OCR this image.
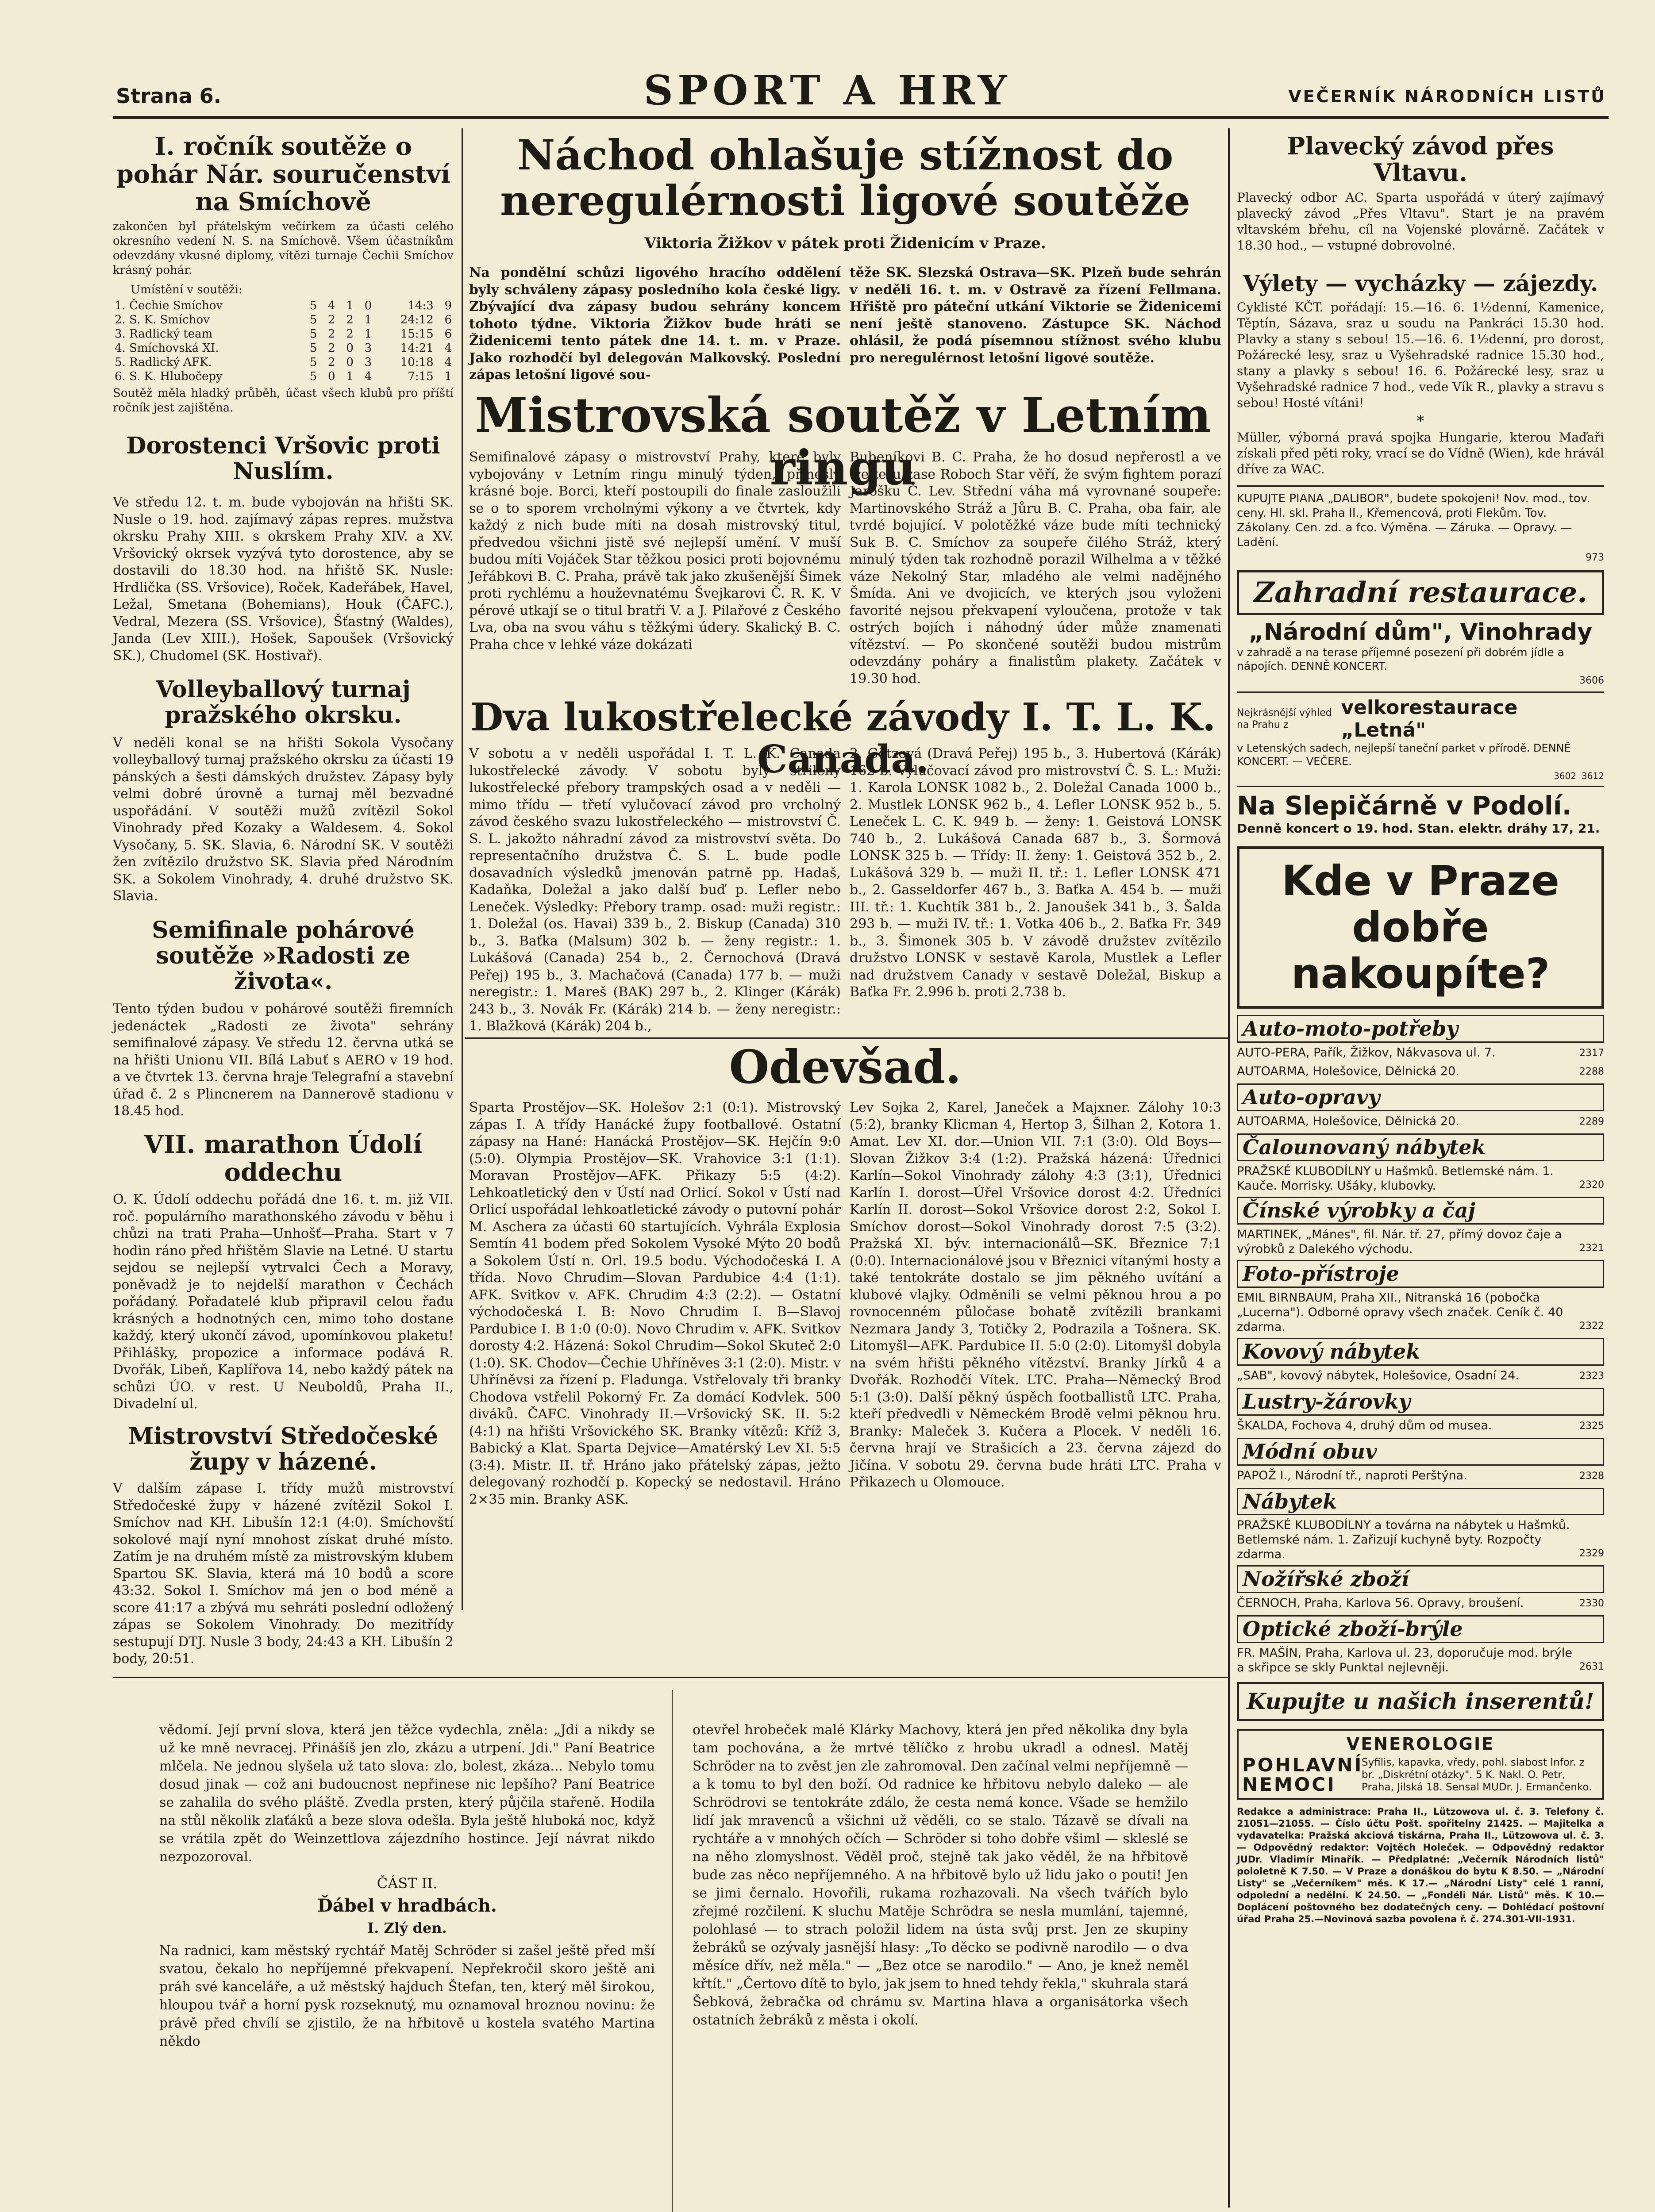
Strana 6.	SPORT A HRY	VEČERNÍK NÁRODNÍCH LISTŮ
I. ročník soutěže o pohár Nár. souručenství na Smíchově
zakončen byl přátelským večírkem za účasti celého okresního vedení N. S. na Smíchově. Všem účastníkům odevzdány vkusné diplomy, vítězi turnaje Čechii Smíchov krásný pohár.
Umístění v soutěži:
1. Čechie Smíchov	5	4	1	0	14:3	9
2. S. K. Smíchov	5	2	2	1	24:12	6
3. Radlický team	5	2	2	1	15:15	6
4. Smíchovská XI.	5	2	0	3	14:21	4
5. Radlický AFK.	5	2	0	3	10:18	4
6. S. K. Hlubočepy	5	0	1	4	7:15	1
Soutěž měla hladký průběh, účast všech klubů pro příští ročník jest zajištěna.
Dorostenci Vršovic proti Nuslím.
Ve středu 12. t. m. bude vybojován na hřišti SK. Nusle o 19. hod. zajímavý zápas repres. mužstva okrsku Prahy XIII. s okrskem Prahy XIV. a XV. Vršovický okrsek vyzývá tyto dorostence, aby se dostavili do 18.30 hod. na hřiště SK. Nusle: Hrdlička (SS. Vršovice), Roček, Kadeřábek, Havel, Ležal, Smetana (Bohemians), Houk (ČAFC.), Vedral, Mezera (SS. Vršovice), Šťastný (Waldes), Janda (Lev XIII.), Hošek, Sapoušek (Vršovický SK.), Chudomel (SK. Hostivař).
Volleyballový turnaj pražského okrsku.
V neděli konal se na hřišti Sokola Vysočany volleyballový turnaj pražského okrsku za účasti 19 pánských a šesti dámských družstev. Zápasy byly velmi dobré úrovně a turnaj měl bezvadné uspořádání. V soutěži mužů zvítězil Sokol Vinohrady před Kozaky a Waldesem. 4. Sokol Vysočany, 5. SK. Slavia, 6. Národní SK. V soutěži žen zvítězilo družstvo SK. Slavia před Národním SK. a Sokolem Vinohrady, 4. druhé družstvo SK. Slavia.
Semifinale pohárové soutěže »Radosti ze života«.
Tento týden budou v pohárové soutěži firemních jedenáctek „Radosti ze života" sehrány semifinalové zápasy. Ve středu 12. června utká se na hřišti Unionu VII. Bílá Labuť s AERO v 19 hod. a ve čtvrtek 13. června hraje Telegrafní a stavební úřad č. 2 s Plincnerem na Dannerově stadionu v 18.45 hod.
VII. marathon Údolí oddechu
O. K. Údolí oddechu pořádá dne 16. t. m. již VII. roč. populárního marathonského závodu v běhu i chůzi na trati Praha—Unhošť—Praha. Start v 7 hodin ráno před hřištěm Slavie na Letné. U startu sejdou se nejlepší vytrvalci Čech a Moravy, poněvadž je to nejdelší marathon v Čechách pořádaný. Pořadatelé klub připravil celou řadu krásných a hodnotných cen, mimo toho dostane každý, který ukončí závod, upomínkovou plaketu! Přihlášky, propozice a informace podává R. Dvořák, Libeň, Kaplířova 14, nebo každý pátek na schůzi ÚO. v rest. U Neuboldů, Praha II., Divadelní ul.
Mistrovství Středočeské župy v házené.
V dalším zápase I. třídy mužů mistrovství Středočeské župy v házené zvítězil Sokol I. Smíchov nad KH. Libušín 12:1 (4:0). Smíchovští sokolové mají nyní mnohost získat druhé místo. Zatím je na druhém místě za mistrovským klubem Spartou SK. Slavia, která má 10 bodů a score 43:32. Sokol I. Smíchov má jen o bod méně a score 41:17 a zbývá mu sehráti poslední odložený zápas se Sokolem Vinohrady. Do mezitřídy sestupují DTJ. Nusle 3 body, 24:43 a KH. Libušín 2 body, 20:51.
Náchod ohlašuje stížnost do neregulérnosti ligové soutěže
Viktoria Žižkov v pátek proti Židenicím v Praze.
Na pondělní schůzi ligového hracího oddělení byly schváleny zápasy posledního kola české ligy. Zbývající dva zápasy budou sehrány koncem tohoto týdne. Viktoria Žižkov bude hráti se Židenicemi tento pátek dne 14. t. m. v Praze. Jako rozhodčí byl delegován Malkovský. Poslední zápas letošní ligové sou-
těže SK. Slezská Ostrava—SK. Plzeň bude sehrán v neděli 16. t. m. v Ostravě za řízení Fellmana. Hřiště pro páteční utkání Viktorie se Židenicemi není ještě stanoveno. Zástupce SK. Náchod ohlásil, že podá písemnou stížnost svého klubu pro neregulérnost letošní ligové soutěže.
Mistrovská soutěž v Letním ringu
Semifinalové zápasy o mistrovství Prahy, které byly vybojovány v Letním ringu minulý týden, přinesly krásné boje. Borci, kteří postoupili do finale zasloužili se o to sporem vrcholnými výkony a ve čtvrtek, kdy každý z nich bude míti na dosah mistrovský titul, předvedou všichni jistě své nejlepší umění. V muší budou míti Vojáček Star těžkou posici proti bojovnému Jeřábkovi B. C. Praha, právě tak jako zkušenější Šimek proti rychlému a houževnatému Švejkarovi Č. R. K. V pérové utkají se o titul bratři V. a J. Pilařové z Českého Lva, oba na svou váhu s těžkými údery. Skalický B. C. Praha chce v lehké váze dokázati
Bubeníkovi B. C. Praha, že ho dosud nepřerostl a ve welteru zase Roboch Star věří, že svým fightem porazí Jarošku Č. Lev. Střední váha má vyrovnané soupeře: Martinovského Stráž a Jůru B. C. Praha, oba fair, ale tvrdé bojující. V polotěžké váze bude míti technický Suk B. C. Smíchov za soupeře čilého Stráž, který minulý týden tak rozhodně porazil Wilhelma a v těžké váze Nekolný Star, mladého ale velmi nadějného Šmída. Ani ve dvojicích, ve kterých jsou vyloženi favorité nejsou překvapení vyloučena, protože v tak ostrých bojích i náhodný úder může znamenati vítězství. — Po skončené soutěži budou mistrům odevzdány poháry a finalistům plakety. Začátek v 19.30 hod.
Dva lukostřelecké závody I. T. L. K. Canada.
V sobotu a v neděli uspořádal I. T. L. K. Canada lukostřelecké závody. V sobotu byly střileny lukostřelecké přebory trampských osad a v neděli — mimo třídu — třetí vylučovací závod pro vrcholný závod českého svazu lukostřeleckého — mistrovství Č. S. L. jakožto náhradní závod za mistrovství světa. Do representačního družstva Č. S. L. bude podle dosavadních výsledků jmenován patrně pp. Hadaš, Kadaňka, Doležal a jako další buď p. Lefler nebo Leneček. Výsledky: Přebory tramp. osad: muži registr.: 1. Doležal (os. Havai) 339 b., 2. Biskup (Canada) 310 b., 3. Baťka (Malsum) 302 b. — ženy registr.: 1. Lukášová (Canada) 254 b., 2. Černochová (Dravá Peřej) 195 b., 3. Machačová (Canada) 177 b. — muži neregistr.: 1. Mareš (BAK) 297 b., 2. Klinger (Kárák) 243 b., 3. Novák Fr. (Kárák) 214 b. — ženy neregistr.: 1. Blažková (Kárák) 204 b.,
2. Götzová (Dravá Peřej) 195 b., 3. Hubertová (Kárák) 162 b. Vylučovací závod pro mistrovství Č. S. L.: Muži: 1. Karola LONSK 1082 b., 2. Doležal Canada 1000 b., 2. Mustlek LONSK 962 b., 4. Lefler LONSK 952 b., 5. Leneček L. C. K. 949 b. — ženy: 1. Geistová LONSK 740 b., 2. Lukášová Canada 687 b., 3. Šormová LONSK 325 b. — Třídy: II. ženy: 1. Geistová 352 b., 2. Lukášová 329 b. — muži II. tř.: 1. Lefler LONSK 471 b., 2. Gasseldorfer 467 b., 3. Baťka A. 454 b. — muži III. tř.: 1. Kuchtík 381 b., 2. Janoušek 341 b., 3. Šalda 293 b. — muži IV. tř.: 1. Votka 406 b., 2. Baťka Fr. 349 b., 3. Šimonek 305 b. V závodě družstev zvítězilo družstvo LONSK v sestavě Karola, Mustlek a Lefler nad družstvem Canady v sestavě Doležal, Biskup a Baťka Fr. 2.996 b. proti 2.738 b.
Odevšad.
Sparta Prostějov—SK. Holešov 2:1 (0:1). Mistrovský zápas I. A třídy Hanácké župy footballové. Ostatní zápasy na Hané: Hanácká Prostějov—SK. Hejčín 9:0 (5:0). Olympia Prostějov—SK. Vrahovice 3:1 (1:1). Moravan Prostějov—AFK. Přikazy 5:5 (4:2). Lehkoatletický den v Ústí nad Orlicí. Sokol v Ústí nad Orlicí uspořádal lehkoatletické závody o putovní pohár M. Aschera za účasti 60 startujících. Vyhrála Explosia Semtín 41 bodem před Sokolem Vysoké Mýto 20 bodů a Sokolem Ústí n. Orl. 19.5 bodu. Východočeská I. A třída. Novo Chrudim—Slovan Pardubice 4:4 (1:1). AFK. Svitkov v. AFK. Chrudim 4:3 (2:2). — Ostatní východočeská I. B: Novo Chrudim I. B—Slavoj Pardubice I. B 1:0 (0:0). Novo Chrudim v. AFK. Svitkov dorosty 4:2. Házená: Sokol Chrudim—Sokol Skuteč 2:0 (1:0). SK. Chodov—Čechie Uhříněves 3:1 (2:0). Mistr. v Uhříněvsi za řízení p. Fladunga. Vstřelovaly tři branky Chodova vstřelil Pokorný Fr. Za domácí Kodvlek. 500 diváků. ČAFC. Vinohrady II.—Vršovický SK. II. 5:2 (4:1) na hřišti Vršovického SK. Branky vítězů: Kříž 3, Babický a Klat. Sparta Dejvice—Amatérský Lev XI. 5:5 (3:4). Mistr. II. tř. Hráno jako přátelský zápas, ježto delegovaný rozhodčí p. Kopecký se nedostavil. Hráno 2×35 min. Branky ASK.
Lev Sojka 2, Karel, Janeček a Majxner. Zálohy 10:3 (5:2), branky Klicman 4, Hertop 3, Šilhan 2, Kotora 1. Amat. Lev XI. dor.—Union VII. 7:1 (3:0). Old Boys—Slovan Žižkov 3:4 (1:2). Pražská házená: Úřednici Karlín—Sokol Vinohrady zálohy 4:3 (3:1), Úřednici Karlín I. dorost—Úřel Vršovice dorost 4:2. Úředníci Karlín II. dorost—Sokol Vršovice dorost 2:2, Sokol I. Smíchov dorost—Sokol Vinohrady dorost 7:5 (3:2). Pražská XI. býv. internacionálů—SK. Březnice 7:1 (0:0). Internacionálové jsou v Březnici vítanými hosty a také tentokráte dostalo se jim pěkného uvítání a klubové vlajky. Odměnili se velmi pěknou hrou a po rovnocenném půločase bohatě zvítězili brankami Nezmara Jandy 3, Totičky 2, Podrazila a Tošnera. SK. Litomyšl—AFK. Pardubice II. 5:0 (2:0). Litomyšl dobyla na svém hřišti pěkného vítězství. Branky Jírků 4 a Dvořák. Rozhodčí Vítek. LTC. Praha—Německý Brod 5:1 (3:0). Další pěkný úspěch footballistů LTC. Praha, kteří předvedli v Německém Brodě velmi pěknou hru. Branky: Maleček 3. Kučera a Plocek. V neděli 16. června hrají ve Strašicích a 23. června zájezd do Jičína. V sobotu 29. června bude hráti LTC. Praha v Přikazech u Olomouce.
vědomí. Její první slova, která jen těžce vydechla, zněla: „Jdi a nikdy se už ke mně nevracej. Přinášíš jen zlo, zkázu a utrpení. Jdi." Paní Beatrice mlčela. Ne jednou slyšela už tato slova: zlo, bolest, zkáza... Nebylo tomu dosud jinak — což ani budoucnost nepřinese nic lepšího? Paní Beatrice se zahalila do svého pláště. Zvedla prsten, který půjčila stařeně. Hodila na stůl několik zlaťáků a beze slova odešla. Byla ještě hluboká noc, když se vrátila zpět do Weinzettlova zájezdního hostince. Její návrat nikdo nezpozoroval.
ČÁST II.
Ďábel v hradbách.
I. Zlý den.
Na radnici, kam městský rychtář Matěj Schröder si zašel ještě před mší svatou, čekalo ho nepříjemné překvapení. Nepřekročil skoro ještě ani práh své kanceláře, a už městský hajduch Štefan, ten, který měl širokou, hloupou tvář a horní pysk rozseknutý, mu oznamoval hroznou novinu: že právě před chvílí se zjistilo, že na hřbitově u kostela svatého Martina někdo
otevřel hrobeček malé Klárky Machovy, která jen před několika dny byla tam pochována, a že mrtvé tělíčko z hrobu ukradl a odnesl. Matěj Schröder na to zvěst jen zle zahromoval. Den začínal velmi nepříjemně — a k tomu to byl den boží. Od radnice ke hřbitovu nebylo daleko — ale Schrödrovi se tentokráte zdálo, že cesta nemá konce. Všade se hemžilo lidí jak mravenců a všichni už věděli, co se stalo. Tázavě se dívali na rychtáře a v mnohých očích — Schröder si toho dobře všiml — skleslé se na něho zlomyslnost. Věděl proč, stejně tak jako věděl, že na hřbitově bude zas něco nepříjemného. A na hřbitově bylo už lidu jako o pouti! Jen se jimi černalo. Hovořili, rukama rozhazovali. Na všech tvářích bylo zřejmé rozčilení. K sluchu Matěje Schrödra se nesla mumlání, tajemné, polohlasé — to strach položil lidem na ústa svůj prst. Jen ze skupiny žebráků se ozývaly jasnější hlasy: „To děcko se podivně narodilo — o dva měsíce dřív, než měla." — „Bez otce se narodilo." — Ano, je knež neměl křtít." „Čertovo dítě to bylo, jak jsem to hned tehdy řekla," skuhrala stará Šebková, žebračka od chrámu sv. Martina hlava a organisátorka všech ostatních žebráků z města i okolí.
Plavecký závod přes Vltavu.
Plavecký odbor AC. Sparta uspořádá v úterý zajímavý plavecký závod „Přes Vltavu". Start je na pravém vltavském břehu, cíl na Vojenské plovárně. Začátek v 18.30 hod., — vstupné dobrovolné.
Výlety — vycházky — zájezdy.
Cyklisté KČT. pořádají: 15.—16. 6. 1½denní, Kamenice, Těptín, Sázava, sraz u soudu na Pankráci 15.30 hod. Plavky a stany s sebou! 15.—16. 6. 1½denní, pro dorost, Požárecké lesy, sraz u Vyšehradské radnice 15.30 hod., stany a plavky s sebou! 16. 6. Požárecké lesy, sraz u Vyšehradské radnice 7 hod., vede Vík R., plavky a stravu s sebou! Hosté vítáni!
*
Müller, výborná pravá spojka Hungarie, kterou Maďaři získali před pěti roky, vrací se do Vídně (Wien), kde hrávál dříve za WAC.
KUPUJTE PIANA „DALIBOR", budete spokojeni! Nov. mod., tov. ceny. Hl. skl. Praha II., Křemencová, proti Flekům. Tov. Zákolany. Cen. zd. a fco. Výměna. — Záruka. — Opravy. — Ladění.
973
Zahradní restaurace.
„Národní dům", Vinohrady
v zahradě a na terase příjemné posezení při dobrém jídle a nápojích. DENNĚ KONCERT.
3606
Nejkrásnější výhled na Prahu z
velkorestaurace „Letná"
v Letenských sadech, nejlepší taneční parket v přírodě. DENNĚ KONCERT. — VEČERE.
3602 3612
Na Slepičárně v Podolí.
Denně koncert o 19. hod. Stan. elektr. dráhy 17, 21.
Kde v Praze dobře nakoupíte?
Auto-moto-potřeby
AUTO-PERA, Pařík, Žižkov, Nákvasova ul. 7.	2317
AUTOARMA, Holešovice, Dělnická 20.	2288
Auto-opravy
AUTOARMA, Holešovice, Dělnická 20.	2289
Čalounovaný nábytek
PRAŽSKÉ KLUBODÍLNY u Hašmků. Betlemské nám. 1. Kauče. Morrisky. Ušáky, klubovky.	2320
Čínské výrobky a čaj
MARTINEK, „Mánes", fil. Nár. tř. 27, přímý dovoz čaje a výrobků z Dalekého východu.	2321
Foto-přístroje
EMIL BIRNBAUM, Praha XII., Nitranská 16 (pobočka „Lucerna"). Odborné opravy všech značek. Ceník č. 40 zdarma.	2322
Kovový nábytek
„SAB", kovový nábytek, Holešovice, Osadní 24.	2323
Lustry-žárovky
ŠKALDA, Fochova 4, druhý dům od musea.	2325
Módní obuv
PAPOŽ I., Národní tř., naproti Perštýna.	2328
Nábytek
PRAŽSKÉ KLUBODÍLNY a továrna na nábytek u Hašmků. Betlemské nám. 1. Zařizují kuchyně byty. Rozpočty zdarma.	2329
Nožířské zboží
ČERNOCH, Praha, Karlova 56. Opravy, broušení.	2330
Optické zboží-brýle
FR. MAŠÍN, Praha, Karlova ul. 23, doporučuje mod. brýle a skřipce se skly Punktal nejlevněji.	2631
Kupujte u našich inserentů!
VENEROLOGIE
POHLAVNÍ NEMOCI
Syfilis, kapavka, vředy, pohl. slabost Infor. z br. „Diskrétní otázky". 5 K. Nakl. O. Petr, Praha, Jilská 18. Sensal MUDr. J. Ermančenko.
Redakce a administrace: Praha II., Lützowova ul. č. 3. Telefony č. 21051—21055. — Číslo účtu Pošt. spořitelny 21425. — Majitelka a vydavatelka: Pražská akciová tiskárna, Praha II., Lützowova ul. č. 3. — Odpovědný redaktor: Vojtěch Holeček. — Odpovědný redaktor JUDr. Vladimír Minařík. — Předplatné: „Večerník Národních listů" pololetně K 7.50. — V Praze a donáškou do bytu K 8.50. — „Národní Listy" se „Večerníkem" měs. K 17.— „Národní Listy" celé 1 ranní, odpolední a nedělní. K 24.50. — „Fondéli Nár. Listů" měs. K 10.— Doplácení poštovného bez dodatečných ceny. — Dohlédací poštovní úřad Praha 25.—Novinová sazba povolena ř. č. 274.301-VII-1931.
